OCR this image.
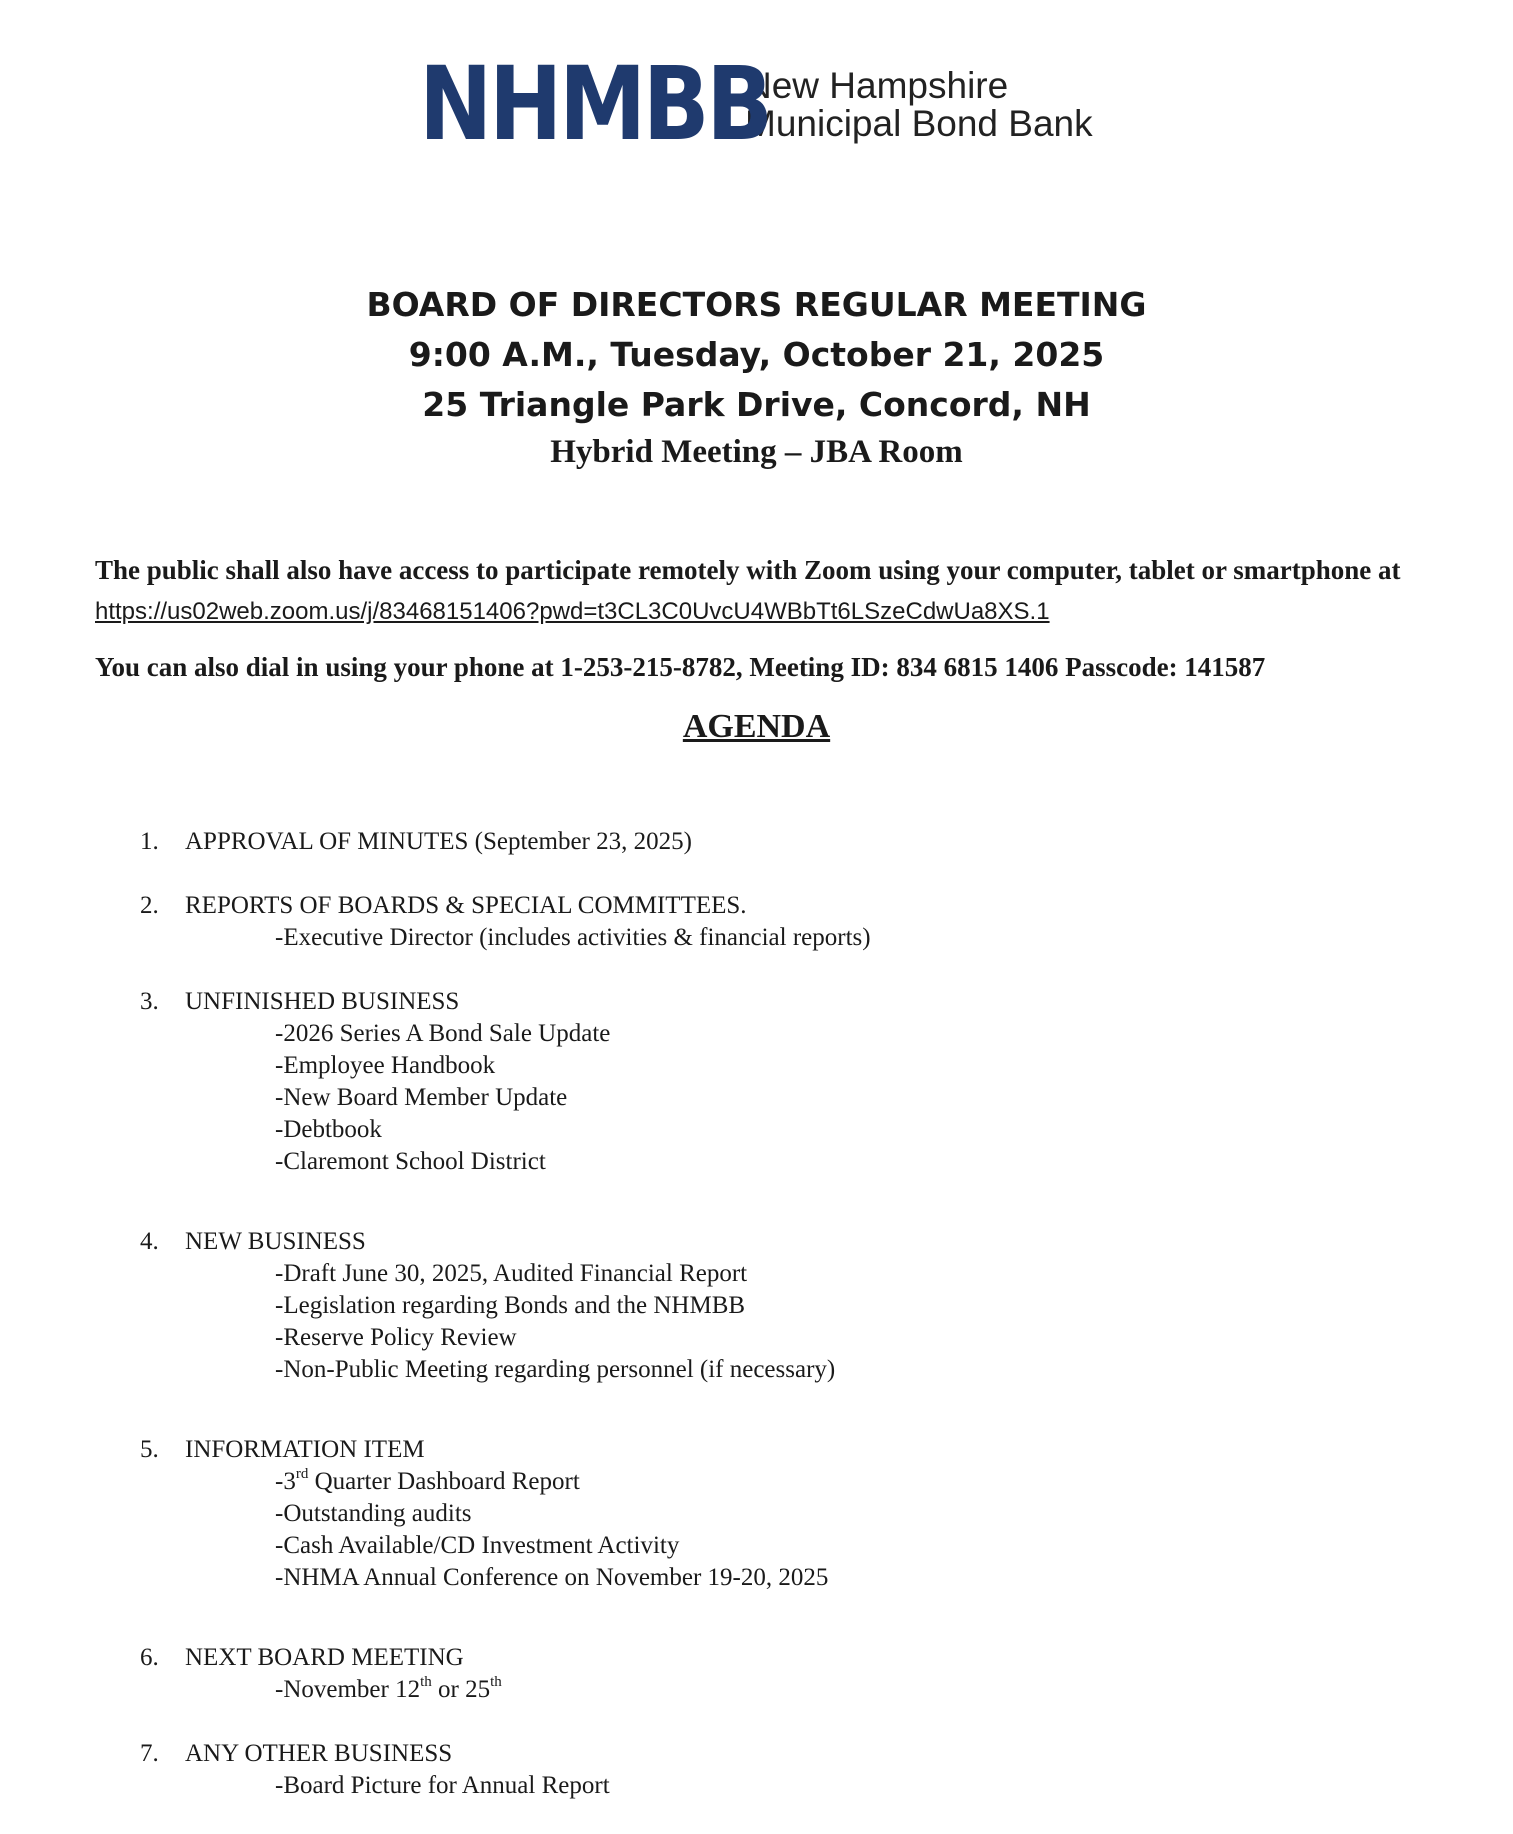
NHMBB
New Hampshire
Municipal Bond Bank
BOARD OF DIRECTORS REGULAR MEETING
9:00 A.M., Tuesday, October 21, 2025
25 Triangle Park Drive, Concord, NH
Hybrid Meeting – JBA Room
The public shall also have access to participate remotely with Zoom using your computer, tablet or smartphone at https://us02web.zoom.us/j/83468151406?pwd=t3CL3C0UvcU4WBbTt6LSzeCdwUa8XS.1
You can also dial in using your phone at 1-253-215-8782, Meeting ID: 834 6815 1406 Passcode: 141587
AGENDA
1.	APPROVAL OF MINUTES (September 23, 2025)
2.	REPORTS OF BOARDS & SPECIAL COMMITTEES.
-Executive Director (includes activities & financial reports)
3.	UNFINISHED BUSINESS
-2026 Series A Bond Sale Update
-Employee Handbook
-New Board Member Update
-Debtbook
-Claremont School District
4.	NEW BUSINESS
-Draft June 30, 2025, Audited Financial Report
-Legislation regarding Bonds and the NHMBB
-Reserve Policy Review
-Non-Public Meeting regarding personnel (if necessary)
5.	INFORMATION ITEM
-3rd Quarter Dashboard Report
-Outstanding audits
-Cash Available/CD Investment Activity
-NHMA Annual Conference on November 19-20, 2025
6.	NEXT BOARD MEETING
-November 12th or 25th
7.	ANY OTHER BUSINESS
-Board Picture for Annual Report
